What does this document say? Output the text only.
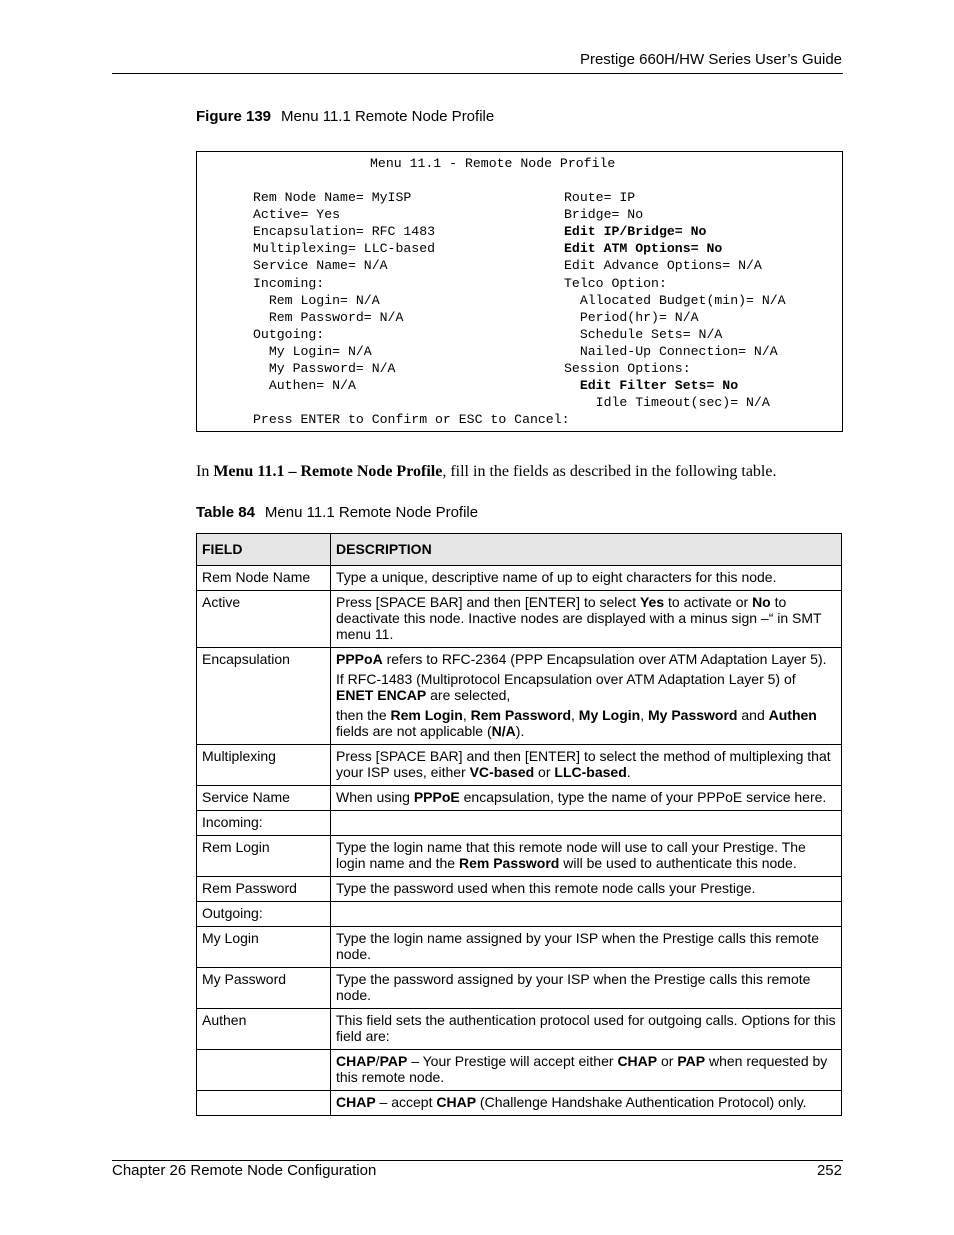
Prestige 660H/HW Series User’s Guide
Figure 139 Menu 11.1 Remote Node Profile
Menu 11.1 - Remote Node Profile
Rem Node Name= MyISP
Active= Yes
Encapsulation= RFC 1483
Multiplexing= LLC-based
Service Name= N/A
Incoming:
Rem Login= N/A
Rem Password= N/A
Outgoing:
My Login= N/A
My Password= N/A
Authen= N/A
Route= IP
Bridge= No
Edit IP/Bridge= No
Edit ATM Options= No
Edit Advance Options= N/A
Telco Option:
Allocated Budget(min)= N/A
Period(hr)= N/A
Schedule Sets= N/A
Nailed-Up Connection= N/A
Session Options:
Edit Filter Sets= No
Idle Timeout(sec)= N/A
Press ENTER to Confirm or ESC to Cancel:
In Menu 11.1 – Remote Node Profile, fill in the fields as described in the following table.
Table 84 Menu 11.1 Remote Node Profile
FIELD	DESCRIPTION
Rem Node Name	Type a unique, descriptive name of up to eight characters for this node.

Active	Press [SPACE BAR] and then [ENTER] to select Yes to activate or No to deactivate this node. Inactive nodes are displayed with a minus sign –“ in SMT menu 11.

Encapsulation	PPPoA refers to RFC-2364 (PPP Encapsulation over ATM Adaptation Layer 5).

If RFC-1483 (Multiprotocol Encapsulation over ATM Adaptation Layer 5) of ENET ENCAP are selected,

then the Rem Login, Rem Password, My Login, My Password and Authen fields are not applicable (N/A).

Multiplexing	Press [SPACE BAR] and then [ENTER] to select the method of multiplexing that your ISP uses, either VC-based or LLC-based.

Service Name	When using PPPoE encapsulation, type the name of your PPPoE service here.

Incoming:	
Rem Login	Type the login name that this remote node will use to call your Prestige. The login name and the Rem Password will be used to authenticate this node.

Rem Password	Type the password used when this remote node calls your Prestige.

Outgoing:	
My Login	Type the login name assigned by your ISP when the Prestige calls this remote node.

My Password	Type the password assigned by your ISP when the Prestige calls this remote node.

Authen	This field sets the authentication protocol used for outgoing calls. Options for this field are:

	CHAP/PAP – Your Prestige will accept either CHAP or PAP when requested by this remote node.

	CHAP – accept CHAP (Challenge Handshake Authentication Protocol) only.

Chapter 26 Remote Node Configuration	252
